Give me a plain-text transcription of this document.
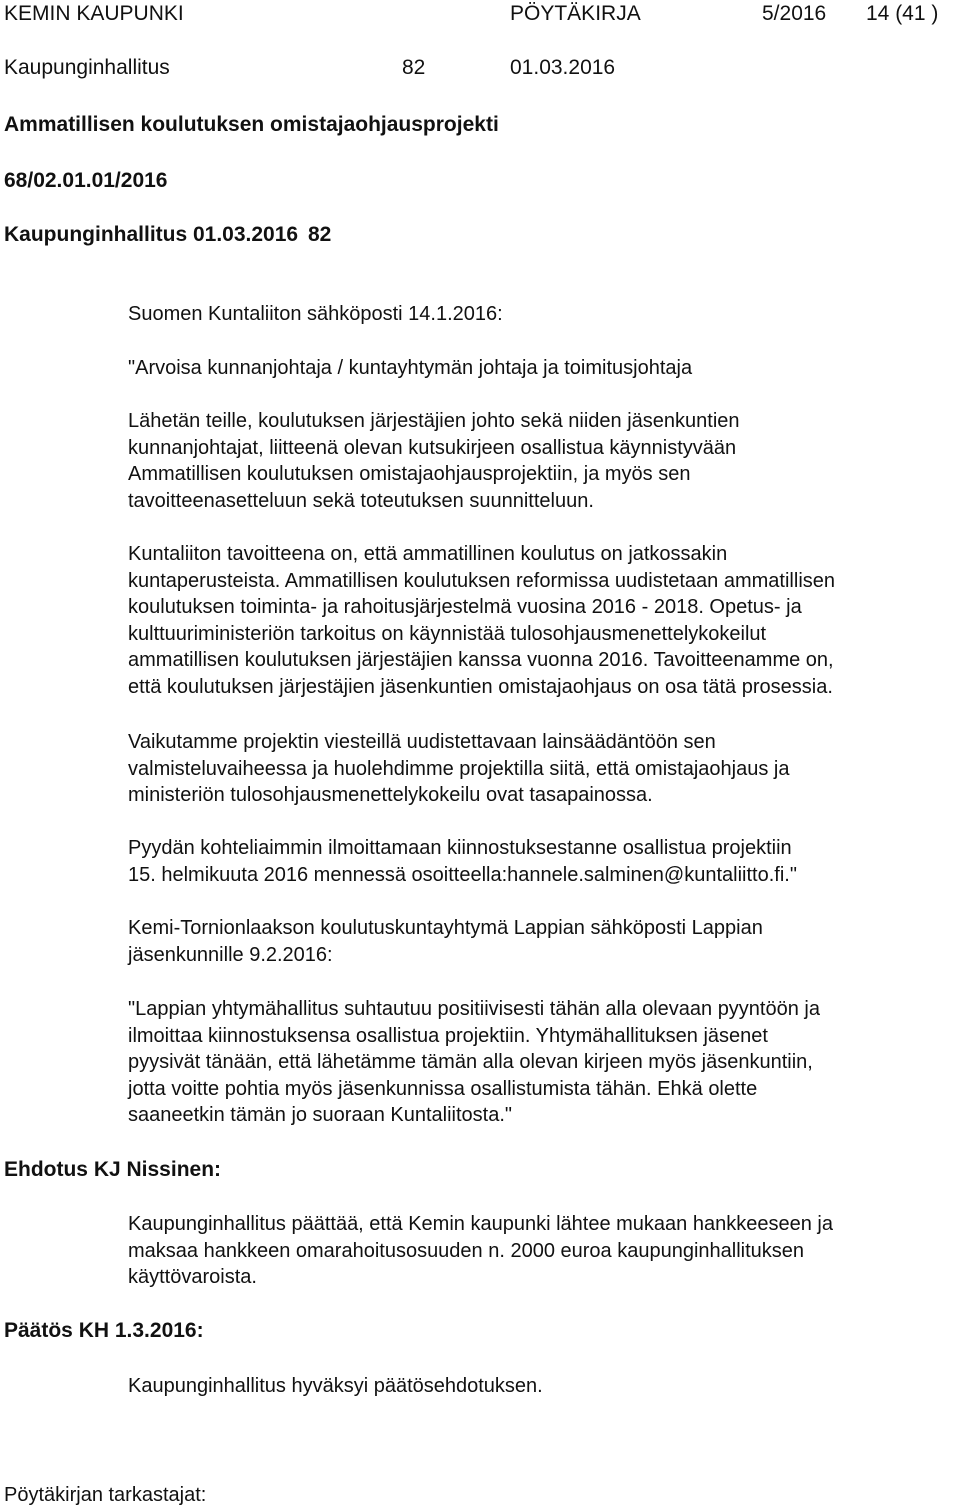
KEMIN KAUPUNKI	PÖYTÄKIRJA	5/2016 14 (41 )
Kaupunginhallitus	82	01.03.2016
Ammatillisen koulutuksen omistajaohjausprojekti
68/02.01.01/2016
Kaupunginhallitus 01.03.2016 82
Suomen Kuntaliiton sähköposti 14.1.2016:
"Arvoisa kunnanjohtaja / kuntayhtymän johtaja ja toimitusjohtaja
Lähetän teille, koulutuksen järjestäjien johto sekä niiden jäsenkuntien
kunnanjohtajat, liitteenä olevan kutsukirjeen osallistua käynnistyvään
Ammatillisen koulutuksen omistajaohjausprojektiin, ja myös sen
tavoitteenasetteluun sekä toteutuksen suunnitteluun.
Kuntaliiton tavoitteena on, että ammatillinen koulutus on jatkossakin
kuntaperusteista. Ammatillisen koulutuksen reformissa uudistetaan ammatillisen
koulutuksen toiminta- ja rahoitusjärjestelmä vuosina 2016 - 2018. Opetus- ja
kulttuuriministeriön tarkoitus on käynnistää tulosohjausmenettelykokeilut
ammatillisen koulutuksen järjestäjien kanssa vuonna 2016. Tavoitteenamme on,
että koulutuksen järjestäjien jäsenkuntien omistajaohjaus on osa tätä prosessia.
Vaikutamme projektin viesteillä uudistettavaan lainsäädäntöön sen
valmisteluvaiheessa ja huolehdimme projektilla siitä, että omistajaohjaus ja
ministeriön tulosohjausmenettelykokeilu ovat tasapainossa.
Pyydän kohteliaimmin ilmoittamaan kiinnostuksestanne osallistua projektiin
15. helmikuuta 2016 mennessä osoitteella:hannele.salminen@kuntaliitto.fi."
Kemi-Tornionlaakson koulutuskuntayhtymä Lappian sähköposti Lappian
jäsenkunnille 9.2.2016:
"Lappian yhtymähallitus suhtautuu positiivisesti tähän alla olevaan pyyntöön ja
ilmoittaa kiinnostuksensa osallistua projektiin. Yhtymähallituksen jäsenet
pyysivät tänään, että lähetämme tämän alla olevan kirjeen myös jäsenkuntiin,
jotta voitte pohtia myös jäsenkunnissa osallistumista tähän. Ehkä olette
saaneetkin tämän jo suoraan Kuntaliitosta."
Ehdotus KJ Nissinen:
Kaupunginhallitus päättää, että Kemin kaupunki lähtee mukaan hankkeeseen ja
maksaa hankkeen omarahoitusosuuden n. 2000 euroa kaupunginhallituksen
käyttövaroista.
Päätös KH 1.3.2016:
Kaupunginhallitus hyväksyi päätösehdotuksen.
Pöytäkirjan tarkastajat:
